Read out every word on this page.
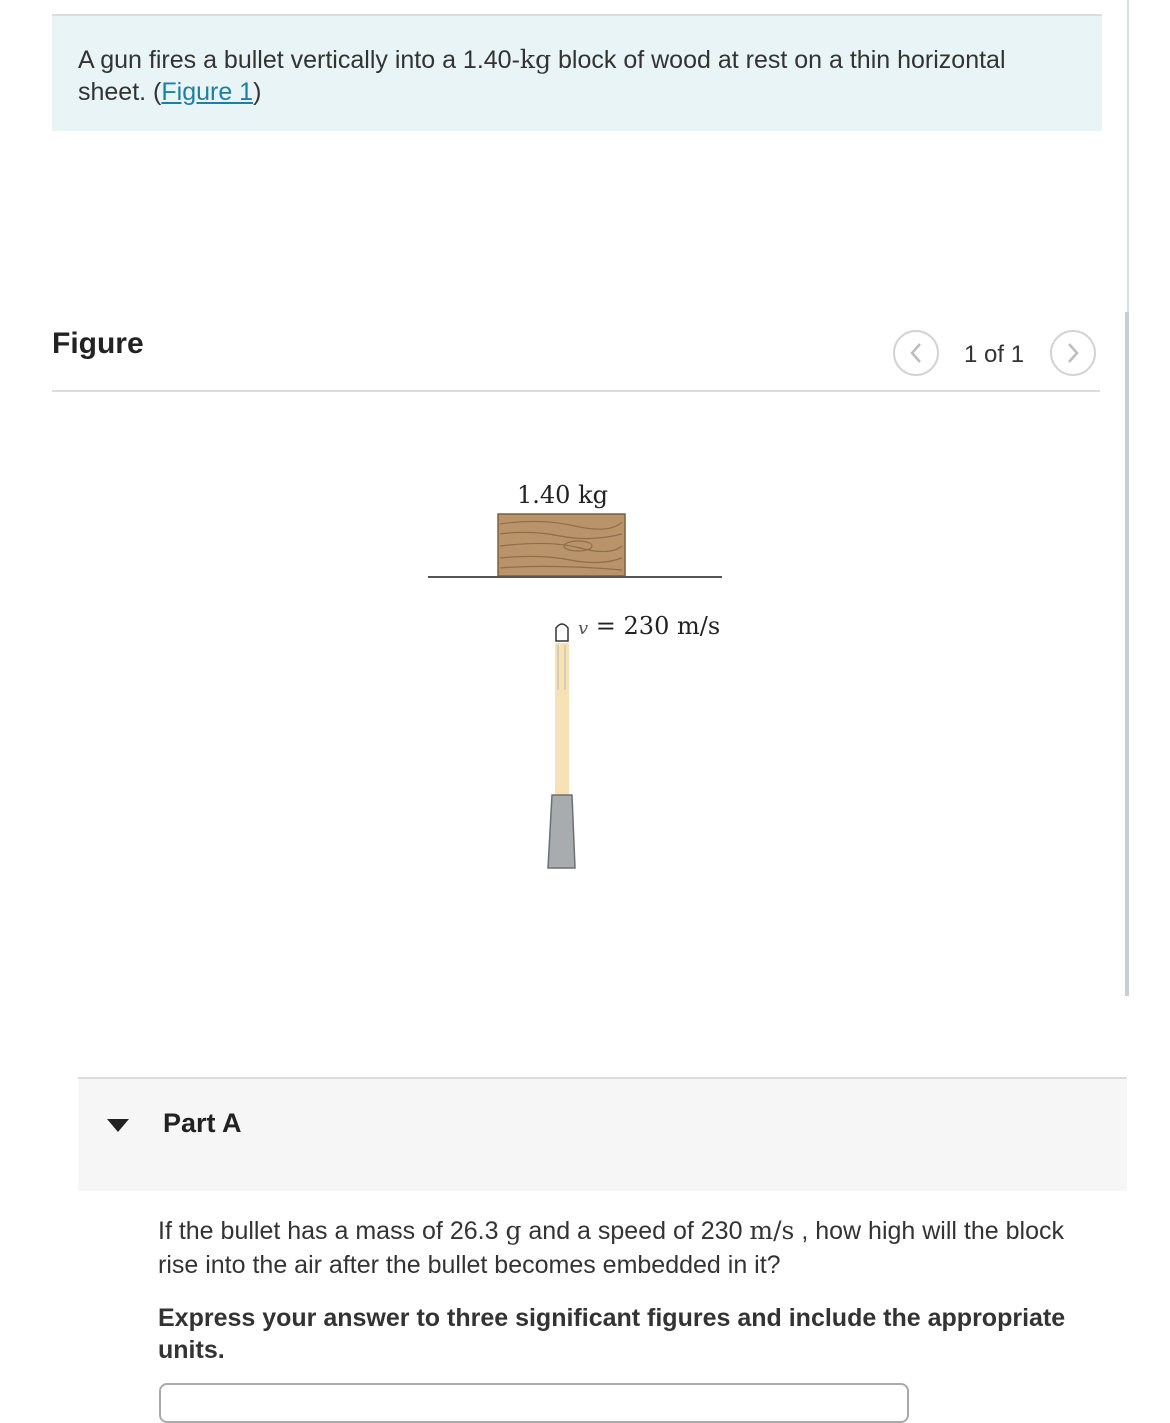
A gun fires a bullet vertically into a 1.40-kg block of wood at rest on a thin horizontal sheet. (Figure 1)
Figure	1 of 1
1.40 kg
v = 230 m/s
Part A
If the bullet has a mass of 26.3 g and a speed of 230 m/s , how high will the block rise into the air after the bullet becomes embedded in it?
Express your answer to three significant figures and include the appropriate units.
